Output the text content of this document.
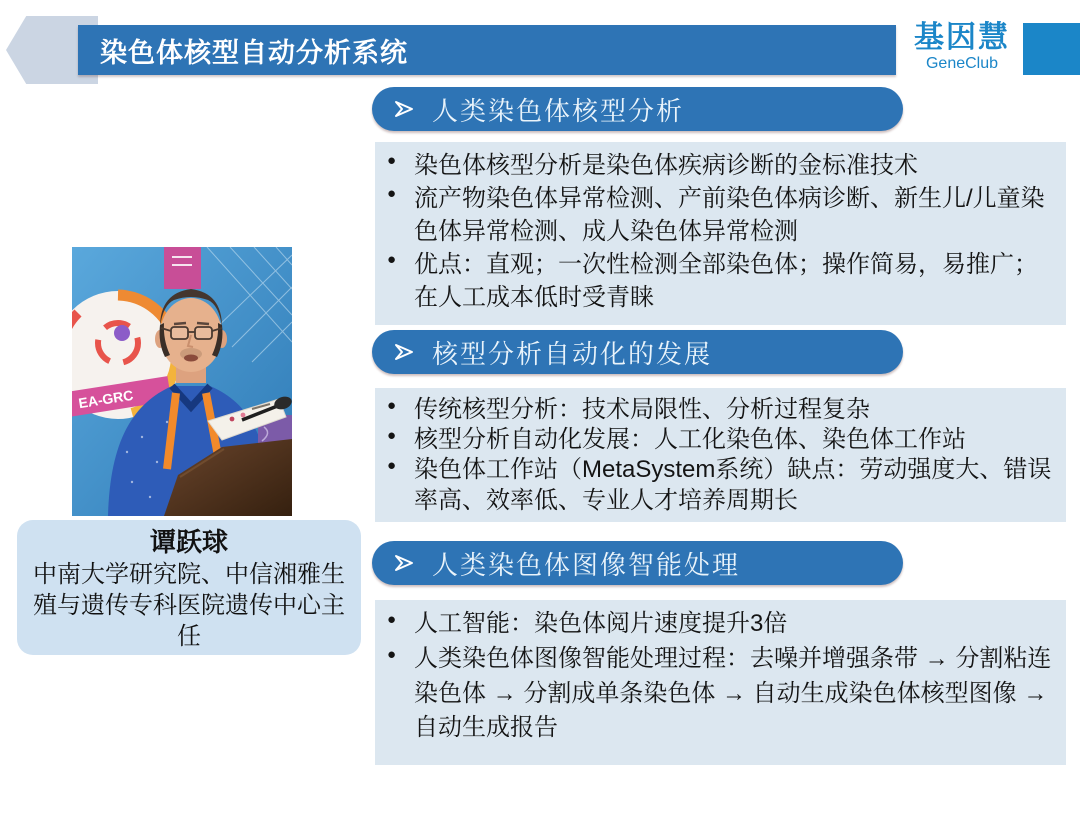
染色体核型自动分析系统	基因慧
GeneClub
EA-GRC
谭跃球
中南大学研究院、中信湘雅生殖与遗传专科医院遗传中心主任
人类染色体核型分析
● 染色体核型分析是染色体疾病诊断的金标准技术
● 流产物染色体异常检测、产前染色体病诊断、新生儿/儿童染色体异常检测、成人染色体异常检测
● 优点：直观；一次性检测全部染色体；操作简易，易推广；在人工成本低时受青睐
核型分析自动化的发展
● 传统核型分析：技术局限性、分析过程复杂
● 核型分析自动化发展：人工化染色体、染色体工作站
● 染色体工作站（MetaSystem系统）缺点：劳动强度大、错误率高、效率低、专业人才培养周期长
人类染色体图像智能处理
● 人工智能：染色体阅片速度提升3倍
● 人类染色体图像智能处理过程：去噪并增强条带 → 分割粘连染色体 → 分割成单条染色体 → 自动生成染色体核型图像 → 自动生成报告
